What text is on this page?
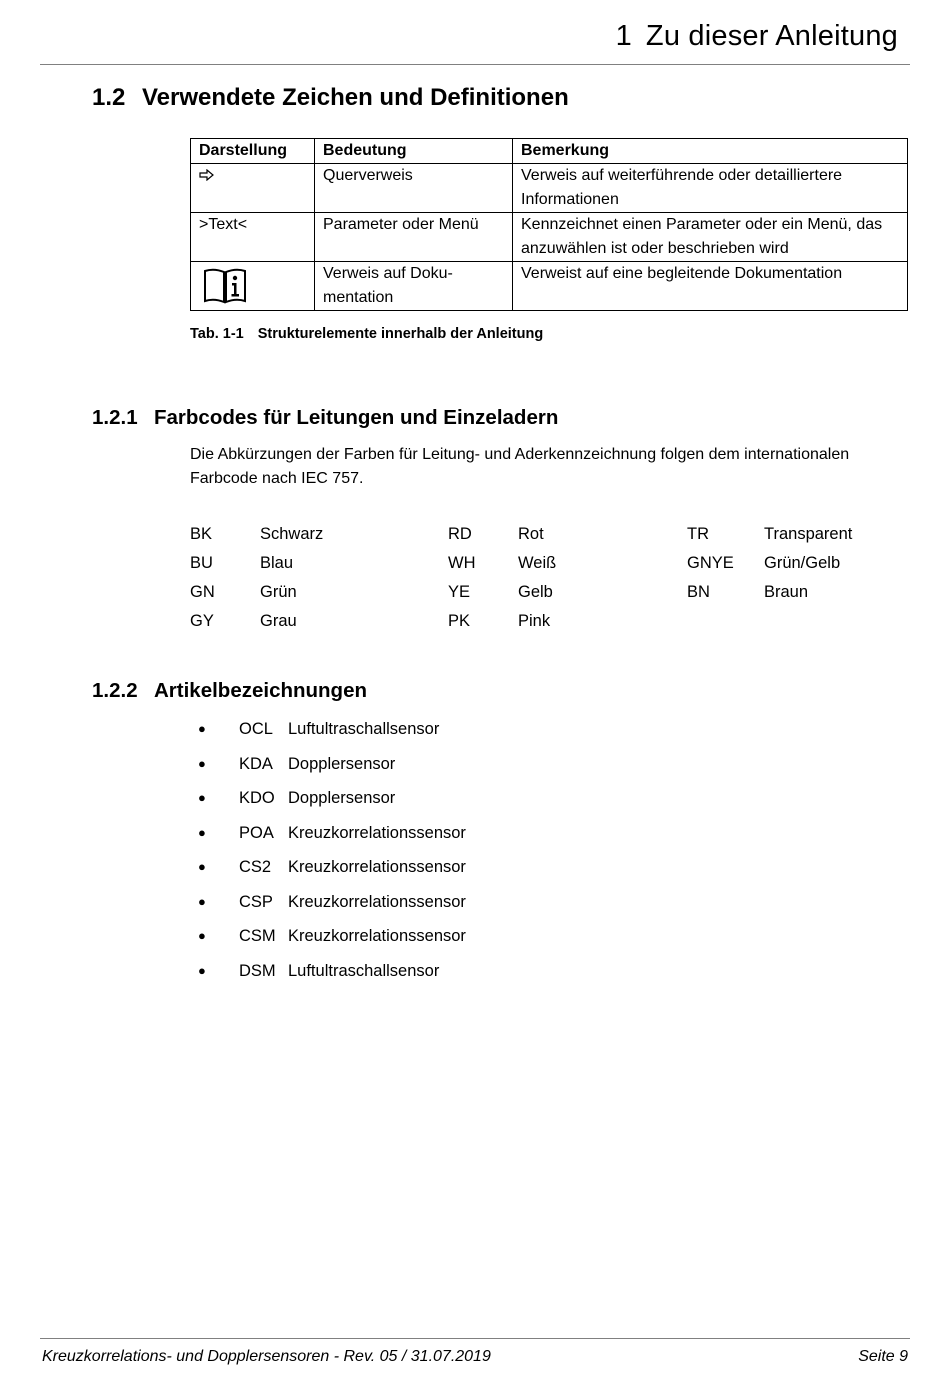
1 Zu dieser Anleitung
1.2 Verwendete Zeichen und Definitionen
Darstellung	Bedeutung	Bemerkung
	Querverweis	Verweis auf weiterführende oder detailliertere Informationen
>Text<	Parameter oder Menü	Kennzeichnet einen Parameter oder ein Menü, das anzuwählen ist oder beschrieben wird

	Verweis auf Dokumentation	Verweist auf eine begleitende Dokumentation
Tab. 1-1 Strukturelemente innerhalb der Anleitung
1.2.1 Farbcodes für Leitungen und Einzeladern
Die Abkürzungen der Farben für Leitung- und Aderkennzeichnung folgen dem internationalen Farbcode nach IEC 757.
BK	Schwarz	RD	Rot	TR	Transparent
BU	Blau	WH	Weiß	GNYE Grün/Gelb
GN	Grün	YE	Gelb	BN	Braun
GY	Grau	PK	Pink
1.2.2 Artikelbezeichnungen
● OCL Luftultraschallsensor
● KDA Dopplersensor
● KDO Dopplersensor
● POA Kreuzkorrelationssensor
● CS2 Kreuzkorrelationssensor
● CSP Kreuzkorrelationssensor
● CSM Kreuzkorrelationssensor
● DSM Luftultraschallsensor
Kreuzkorrelations- und Dopplersensoren - Rev. 05 / 31.07.2019	Seite 9
